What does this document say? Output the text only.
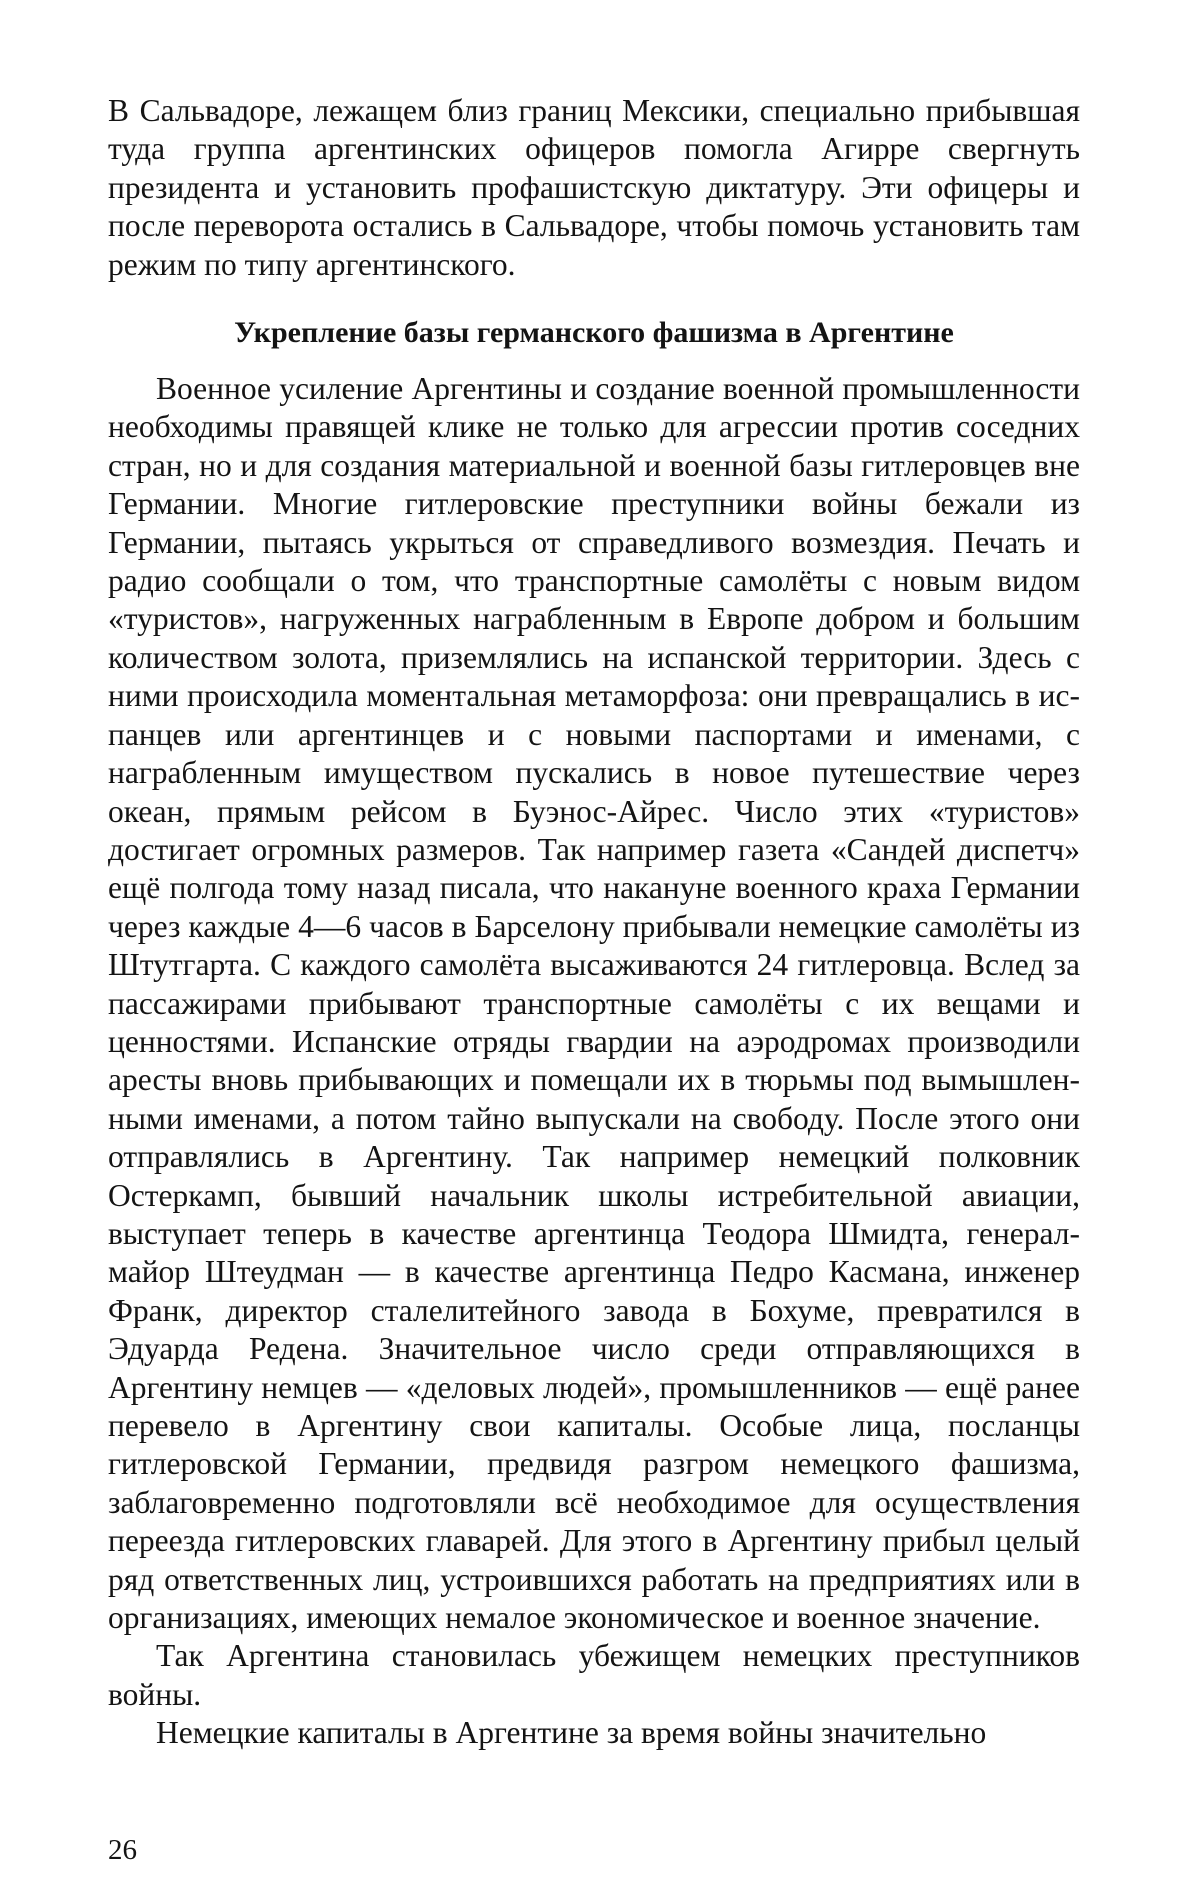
В Сальвадоре, лежащем близ границ Мексики, специально прибывшая туда группа аргентинских офицеров помогла Агирре свергнуть президента и установить профашистскую диктатуру. Эти офицеры и после переворота остались в Сальвадоре, чтобы помочь установить там режим по типу аргентинского.

Укрепление базы германского фашизма в Аргентине

Военное усиление Аргентины и создание военной промышленности необходимы правящей клике не только для агрессии против соседних стран, но и для создания материальной и военной базы гитлеровцев вне Германии. Многие гитлеровские преступники войны бежали из Германии, пытаясь укрыться от справедливого возмездия. Печать и радио сообщали о том, что транспортные самолёты с новым видом «туристов», нагруженных награбленным в Европе добром и большим количеством золота, приземлялись на испанской территории. Здесь с ними происходила моментальная метаморфоза: они превращались в испанцев или аргентинцев и с новыми паспортами и именами, с награбленным имуществом пускались в новое путешествие через океан, прямым рейсом в Буэнос-Айрес. Число этих «туристов» достигает огромных размеров. Так например газета «Сандей диспетч» ещё полгода тому назад писала, что накануне военного краха Германии через каждые 4—6 часов в Барселону прибывали немецкие самолёты из Штутгарта. С каждого самолёта высаживаются 24 гитлеровца. Вслед за пассажирами прибывают транспортные самолёты с их вещами и ценностями. Испанские отряды гвардии на аэродромах производили аресты вновь прибывающих и помещали их в тюрьмы под вымышленными именами, а потом тайно выпускали на свободу. После этого они отправлялись в Аргентину. Так например немецкий полковник Остеркамп, бывший начальник школы истребительной авиации, выступает теперь в качестве аргентинца Теодора Шмидта, генерал-майор Штеудман — в качестве аргентинца Педро Касмана, инженер Франк, директор сталелитейного завода в Бохуме, превратился в Эдуарда Редена. Значительное число среди отправляющихся в Аргентину немцев — «деловых людей», промышленников — ещё ранее перевело в Аргентину свои капиталы. Особые лица, посланцы гитлеровской Германии, предвидя разгром немецкого фашизма, заблаговременно подготовляли всё необходимое для осуществления переезда гитлеровских главарей. Для этого в Аргентину прибыл целый ряд ответственных лиц, устроившихся работать на предприятиях или в организациях, имеющих немалое экономическое и военное значение.

Так Аргентина становилась убежищем немецких преступников войны.

Немецкие капиталы в Аргентине за время войны значительно

26
